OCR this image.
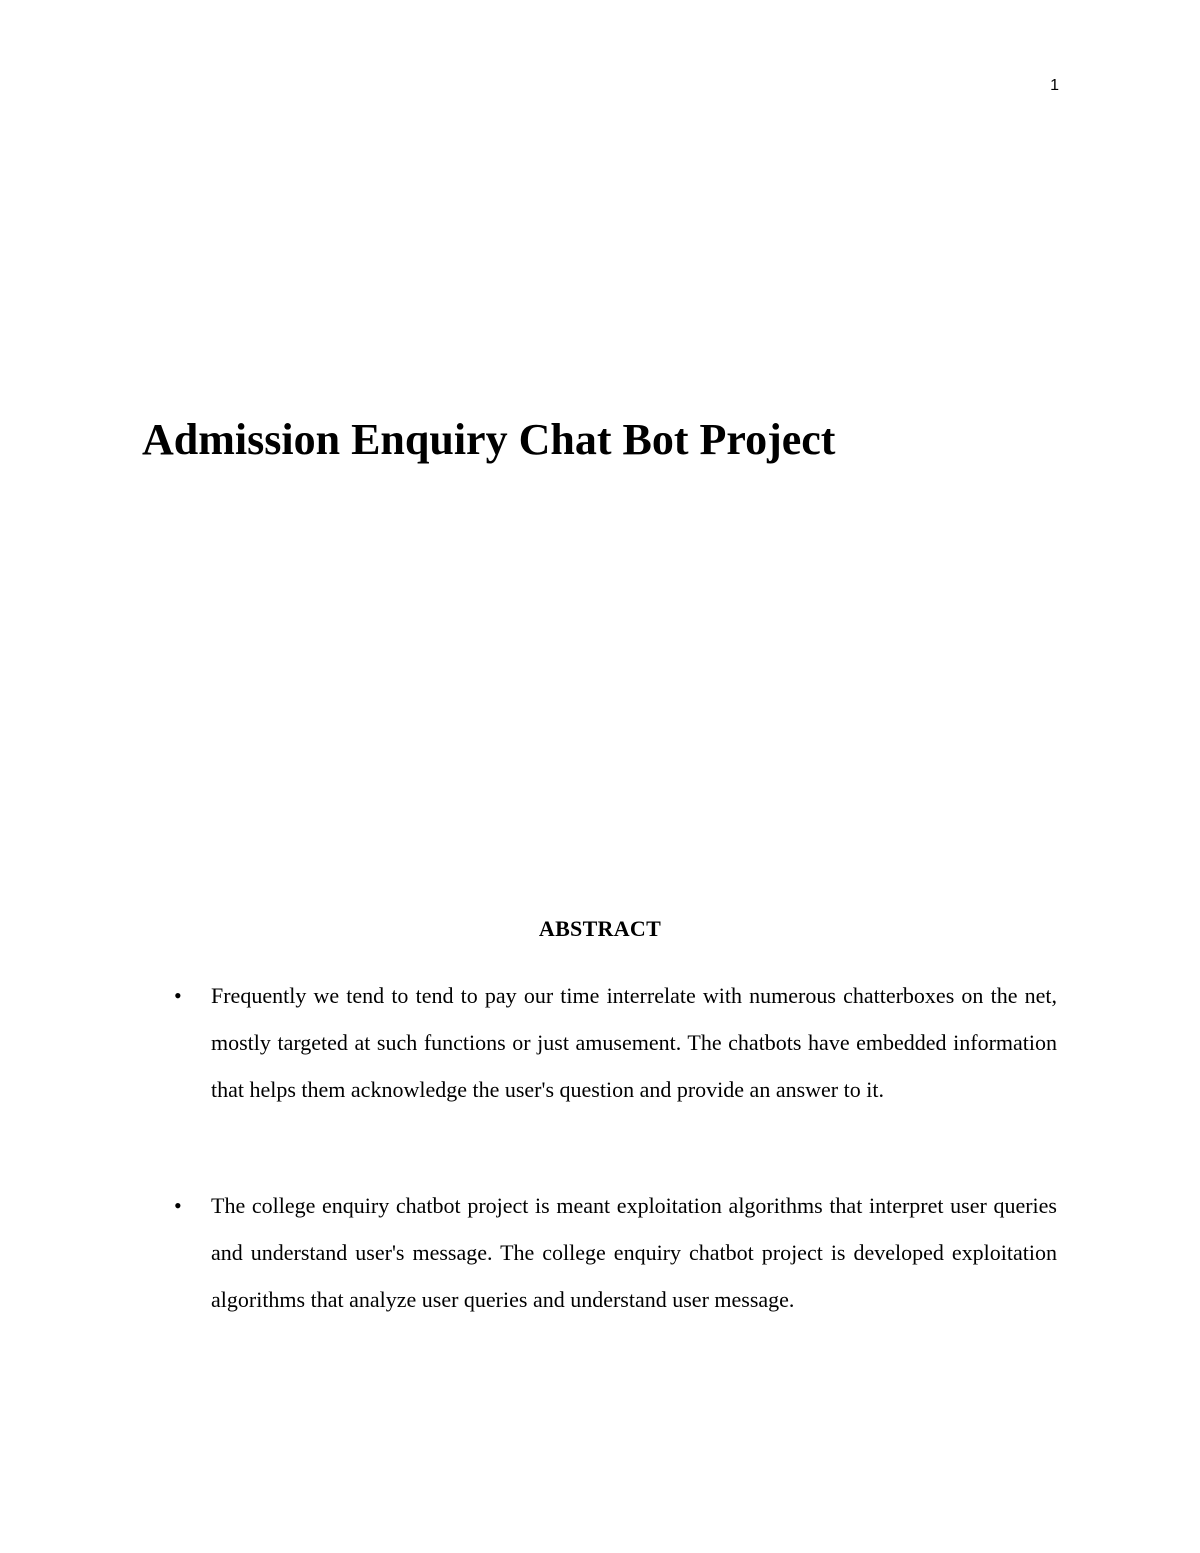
1
Admission Enquiry Chat Bot Project
ABSTRACT
• Frequently we tend to tend to pay our time interrelate with numerous chatterboxes on the net, mostly targeted at such functions or just amusement. The chatbots have embedded information that helps them acknowledge the user's question and provide an answer to it.
• The college enquiry chatbot project is meant exploitation algorithms that interpret user queries and understand user's message. The college enquiry chatbot project is developed exploitation algorithms that analyze user queries and understand user message.
